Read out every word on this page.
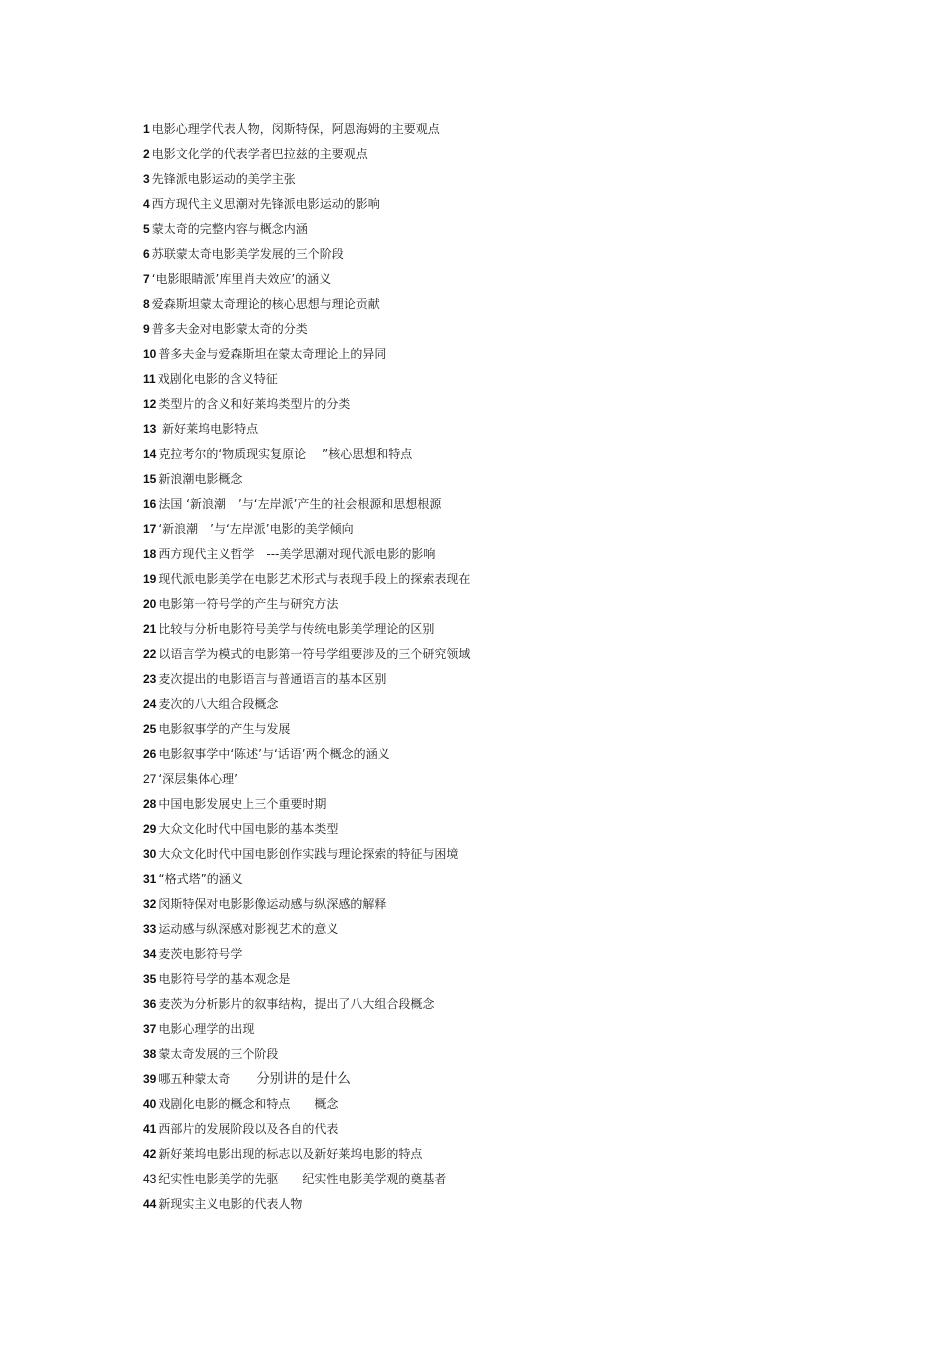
1 电影心理学代表人物，闵斯特保，阿恩海姆的主要观点
2 电影文化学的代表学者巴拉兹的主要观点
3 先锋派电影运动的美学主张
4 西方现代主义思潮对先锋派电影运动的影响
5 蒙太奇的完整内容与概念内涵
6 苏联蒙太奇电影美学发展的三个阶段
7 ‘电影眼睛派’库里肖夫效应’的涵义
8 爱森斯坦蒙太奇理论的核心思想与理论贡献
9 普多夫金对电影蒙太奇的分类
10 普多夫金与爱森斯坦在蒙太奇理论上的异同
11 戏剧化电影的含义特征
12 类型片的含义和好莱坞类型片的分类
13 新好莱坞电影特点
14 克拉考尔的‘物质现实复原论　 ”核心思想和特点
15 新浪潮电影概念
16 法国 ‘新浪潮　’与‘左岸派’产生的社会根源和思想根源
17 ‘新浪潮　’与‘左岸派’电影的美学倾向
18 西方现代主义哲学　---美学思潮对现代派电影的影响
19 现代派电影美学在电影艺术形式与表现手段上的探索表现在
20 电影第一符号学的产生与研究方法
21 比较与分析电影符号美学与传统电影美学理论的区别
22 以语言学为模式的电影第一符号学组要涉及的三个研究领域
23 麦次提出的电影语言与普通语言的基本区别
24 麦次的八大组合段概念
25 电影叙事学的产生与发展
26 电影叙事学中‘陈述’与‘话语’两个概念的涵义
27 ‘深层集体心理’
28 中国电影发展史上三个重要时期
29 大众文化时代中国电影的基本类型
30 大众文化时代中国电影创作实践与理论探索的特征与困境
31 “格式塔”的涵义
32 闵斯特保对电影影像运动感与纵深感的解释
33 运动感与纵深感对影视艺术的意义
34 麦茨电影符号学
35 电影符号学的基本观念是
36 麦茨为分析影片的叙事结构，提出了八大组合段概念
37 电影心理学的出现
38 蒙太奇发展的三个阶段
39 哪五种蒙太奇 分别讲的是什么
40 戏剧化电影的概念和特点　　概念
41 西部片的发展阶段以及各自的代表
42 新好莱坞电影出现的标志以及新好莱坞电影的特点
43 纪实性电影美学的先驱　　纪实性电影美学观的奠基者
44 新现实主义电影的代表人物
